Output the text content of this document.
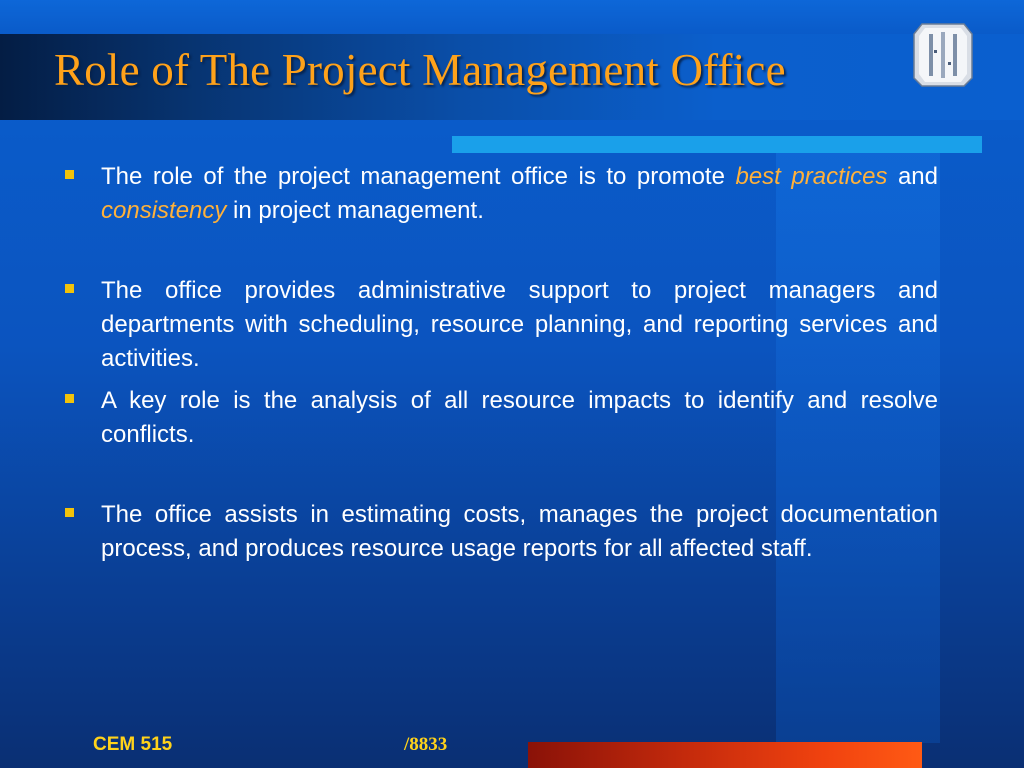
Role of The Project Management Office

The role of the project management office is to promote best practices and consistency in project management.

The office provides administrative support to project managers and departments with scheduling, resource planning, and reporting services and activities.

A key role is the analysis of all resource impacts to identify and resolve conflicts.

The office assists in estimating costs, manages the project documentation process, and produces resource usage reports for all affected staff.

CEM 515	/8833
